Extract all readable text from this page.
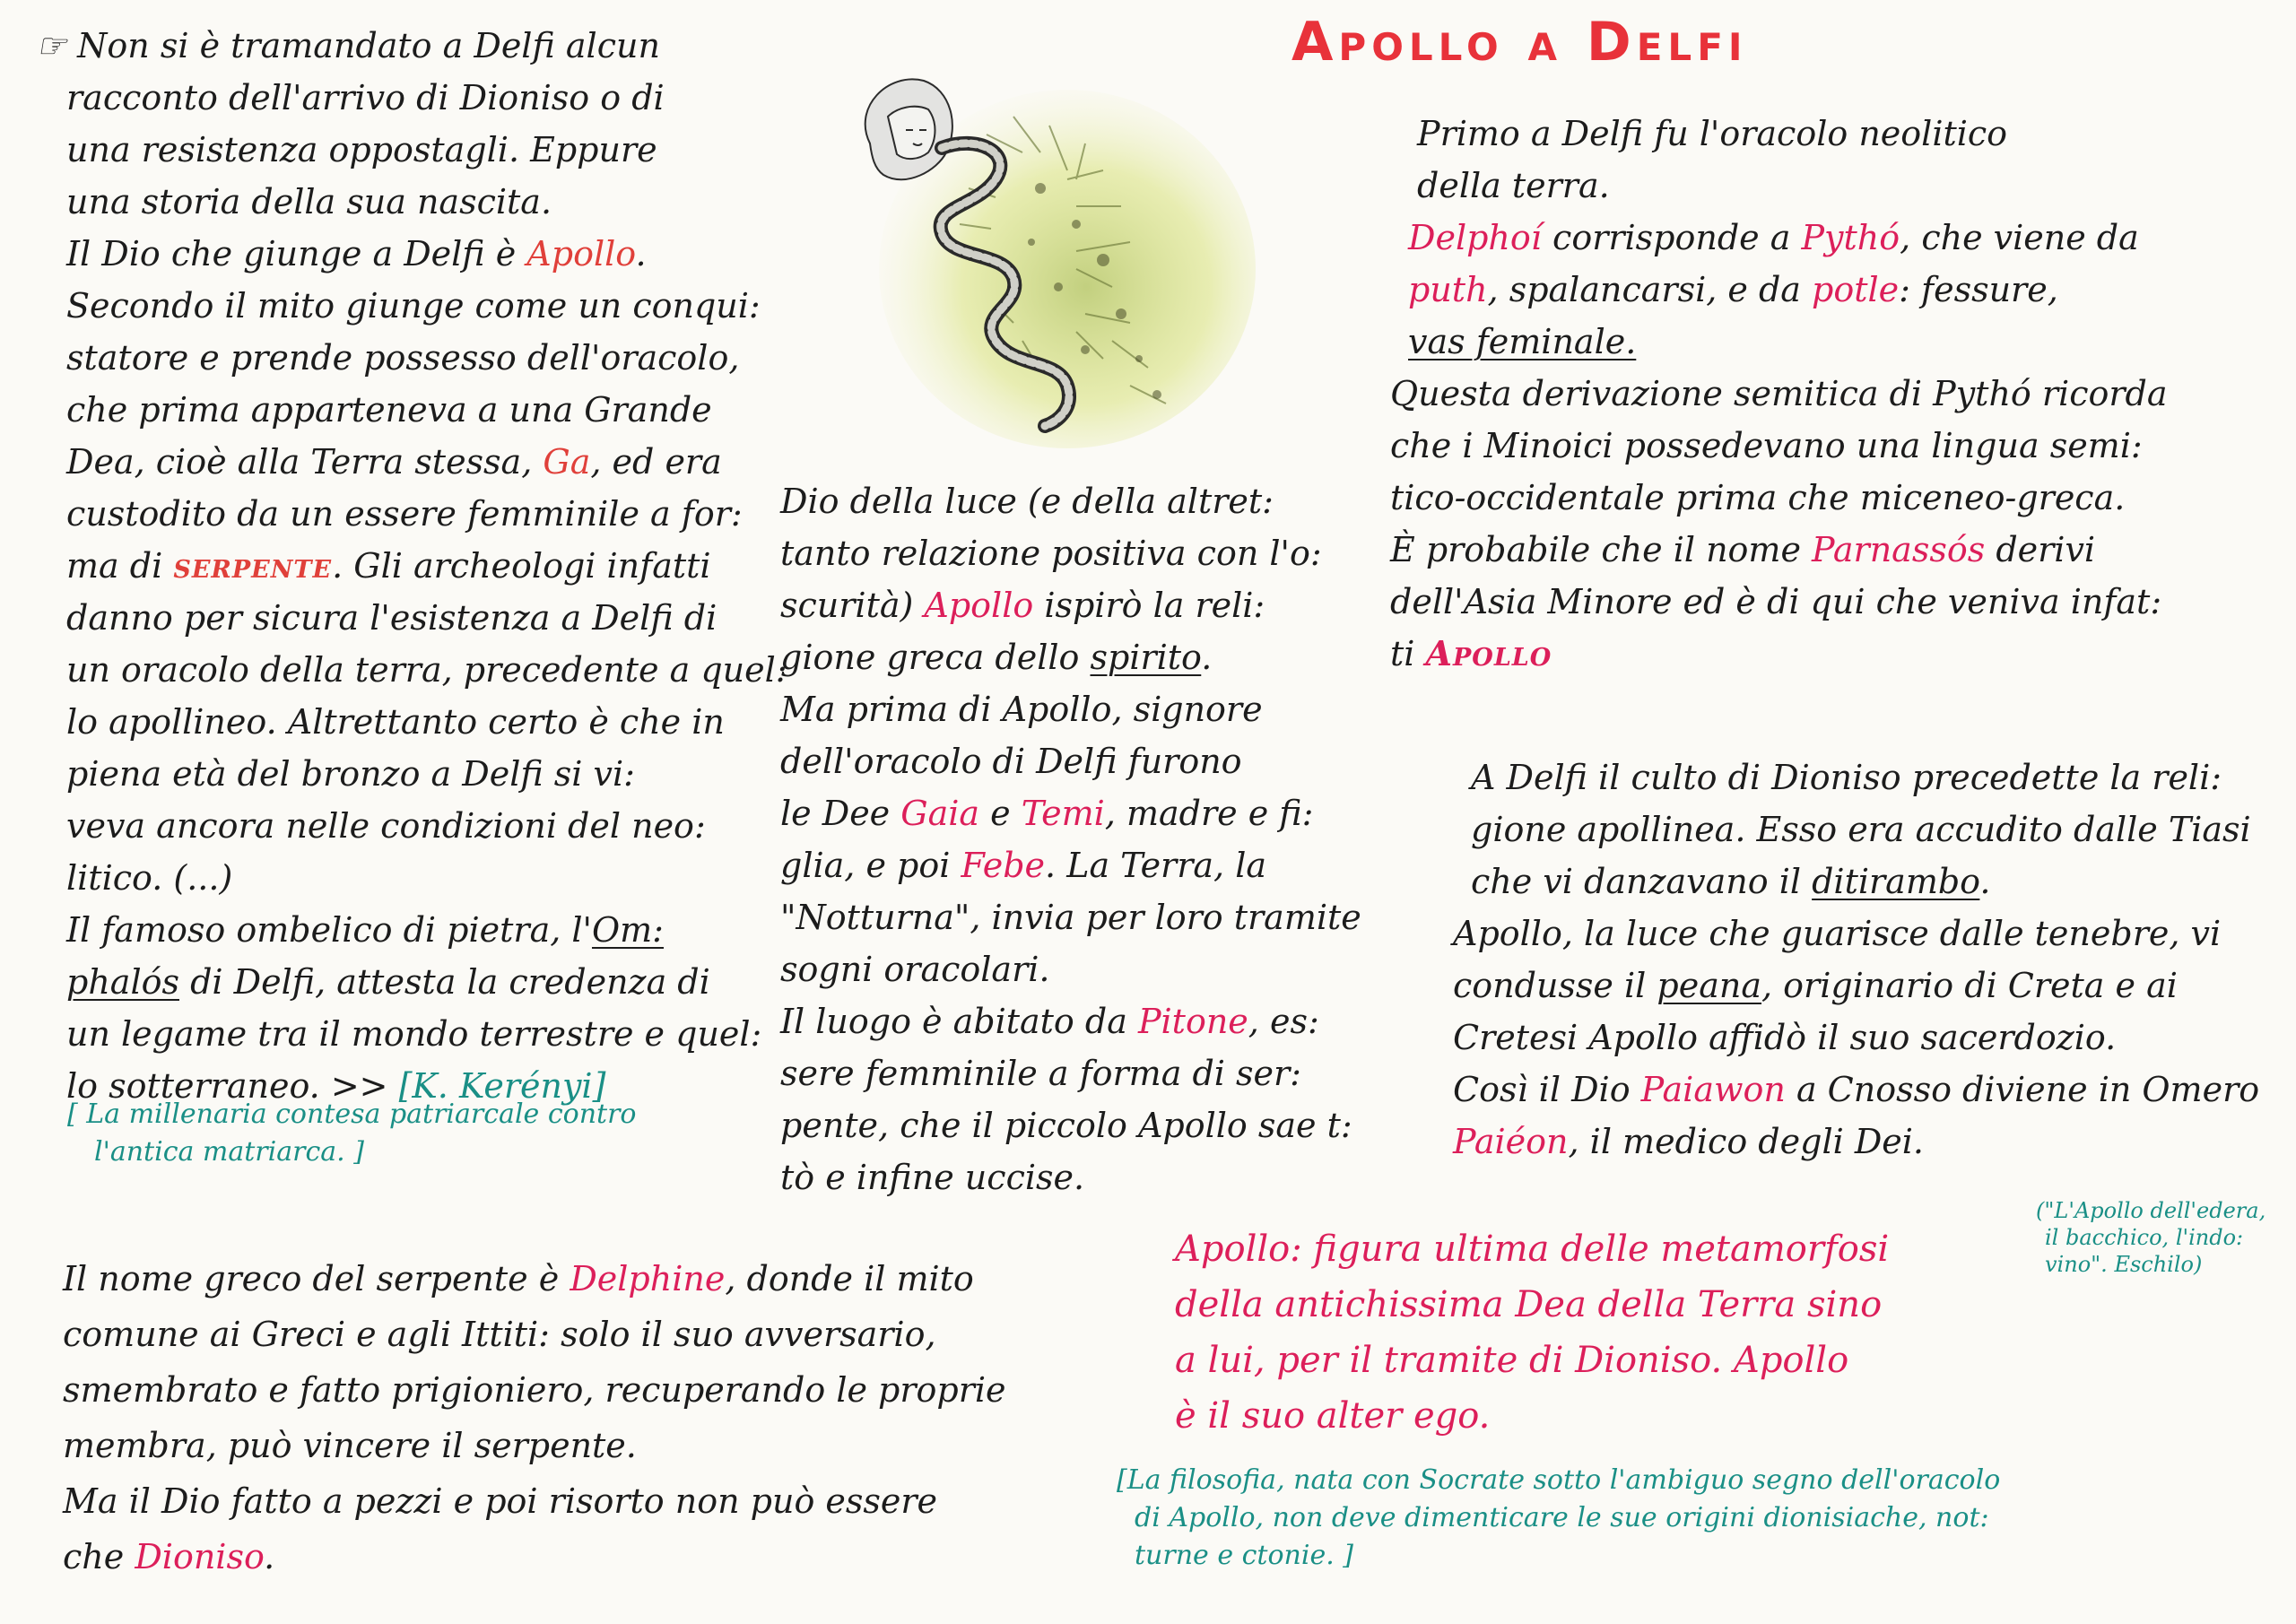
Apollo a Delfi
☞ Non si è tramandato a Delfi alcun
racconto dell'arrivo di Dioniso o di
una resistenza oppostagli. Eppure
una storia della sua nascita.
Il Dio che giunge a Delfi è Apollo.
Secondo il mito giunge come un conqui:
statore e prende possesso dell'oracolo,
che prima apparteneva a una Grande
Dea, cioè alla Terra stessa, Ga, ed era
custodito da un essere femminile a for:
ma di serpente. Gli archeologi infatti
danno per sicura l'esistenza a Delfi di
un oracolo della terra, precedente a quel:
lo apollineo. Altrettanto certo è che in
piena età del bronzo a Delfi si vi:
veva ancora nelle condizioni del neo:
litico. (...)
Il famoso ombelico di pietra, l'Om:
phalós di Delfi, attesta la credenza di
un legame tra il mondo terrestre e quel:
lo sotterraneo. >> [K. Kerényi]
[ La millenaria contesa patriarcale contro
l'antica matriarca. ]
Dio della luce (e della altret:
tanto relazione positiva con l'o:
scurità) Apollo ispirò la reli:
gione greca dello spirito.
Ma prima di Apollo, signore
dell'oracolo di Delfi furono
le Dee Gaia e Temi, madre e fi:
glia, e poi Febe. La Terra, la
"Notturna", invia per loro tramite
sogni oracolari.
Il luogo è abitato da Pitone, es:
sere femminile a forma di ser:
pente, che il piccolo Apollo sae t:
tò e infine uccise.
Primo a Delfi fu l'oracolo neolitico
della terra.
Delphoí corrisponde a Pythó, che viene da
puth, spalancarsi, e da potle: fessure,
vas feminale.
Questa derivazione semitica di Pythó ricorda
che i Minoici possedevano una lingua semi:
tico-occidentale prima che miceneo-greca.
È probabile che il nome Parnassós derivi
dell'Asia Minore ed è di qui che veniva infat:
ti Apollo
A Delfi il culto di Dioniso precedette la reli:
gione apollinea. Esso era accudito dalle Tiasi
che vi danzavano il ditirambo.
Apollo, la luce che guarisce dalle tenebre, vi
condusse il peana, originario di Creta e ai
Cretesi Apollo affidò il suo sacerdozio.
Così il Dio Paiawon a Cnosso diviene in Omero
Paiéon, il medico degli Dei.
("L'Apollo dell'edera,
il bacchico, l'indo:
vino". Eschilo)
Il nome greco del serpente è Delphine, donde il mito
comune ai Greci e agli Ittiti: solo il suo avversario,
smembrato e fatto prigioniero, recuperando le proprie
membra, può vincere il serpente.
Ma il Dio fatto a pezzi e poi risorto non può essere
che Dioniso.
Apollo: figura ultima delle metamorfosi
della antichissima Dea della Terra sino
a lui, per il tramite di Dioniso. Apollo
è il suo alter ego.
[La filosofia, nata con Socrate sotto l'ambiguo segno dell'oracolo
di Apollo, non deve dimenticare le sue origini dionisiache, not:
turne e ctonie. ]
